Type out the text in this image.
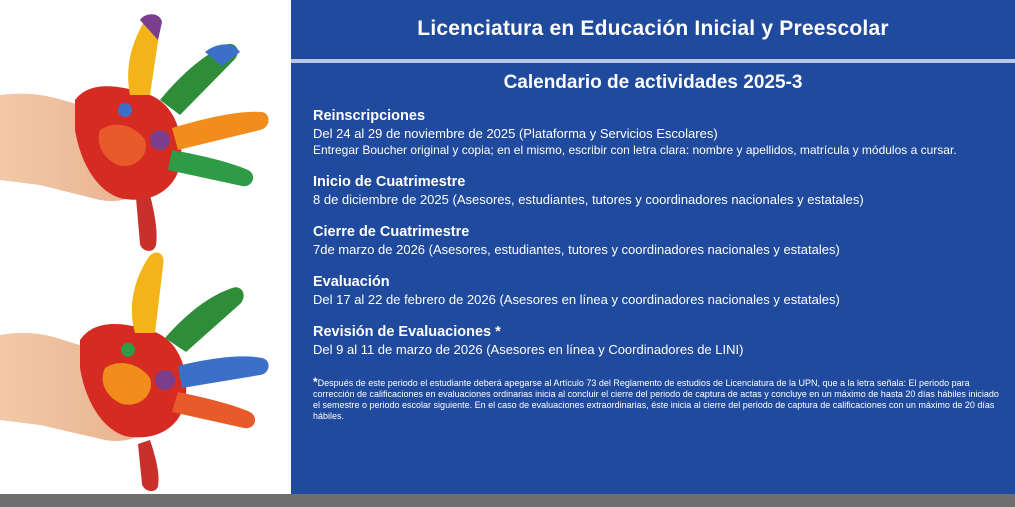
Licenciatura en Educación Inicial y Preescolar
Calendario de actividades 2025-3
Reinscripciones

Del 24 al 29 de noviembre de 2025 (Plataforma y Servicios Escolares)

Entregar Boucher original y copia; en el mismo, escribir con letra clara: nombre y apellidos, matrícula y módulos a cursar.

Inicio de Cuatrimestre

8 de diciembre de 2025 (Asesores, estudiantes, tutores y coordinadores nacionales y estatales)

Cierre de Cuatrimestre

7de marzo de 2026 (Asesores, estudiantes, tutores y coordinadores nacionales y estatales)

Evaluación

Del 17 al 22 de febrero de 2026 (Asesores en línea y coordinadores nacionales y estatales)

Revisión de Evaluaciones *

Del 9 al 11 de marzo de 2026 (Asesores en línea y Coordinadores de LINI)

*Después de este periodo el estudiante deberá apegarse al Artículo 73 del Reglamento de estudios de Licenciatura de la UPN, que a la letra señala: El periodo para corrección de calificaciones en evaluaciones ordinarias inicia al concluir el cierre del periodo de captura de actas y concluye en un máximo de hasta 20 días hábiles iniciado el semestre o periodo escolar siguiente. En el caso de evaluaciones extraordinarias, éste inicia al cierre del periodo de captura de calificaciones con un máximo de 20 días hábiles.
